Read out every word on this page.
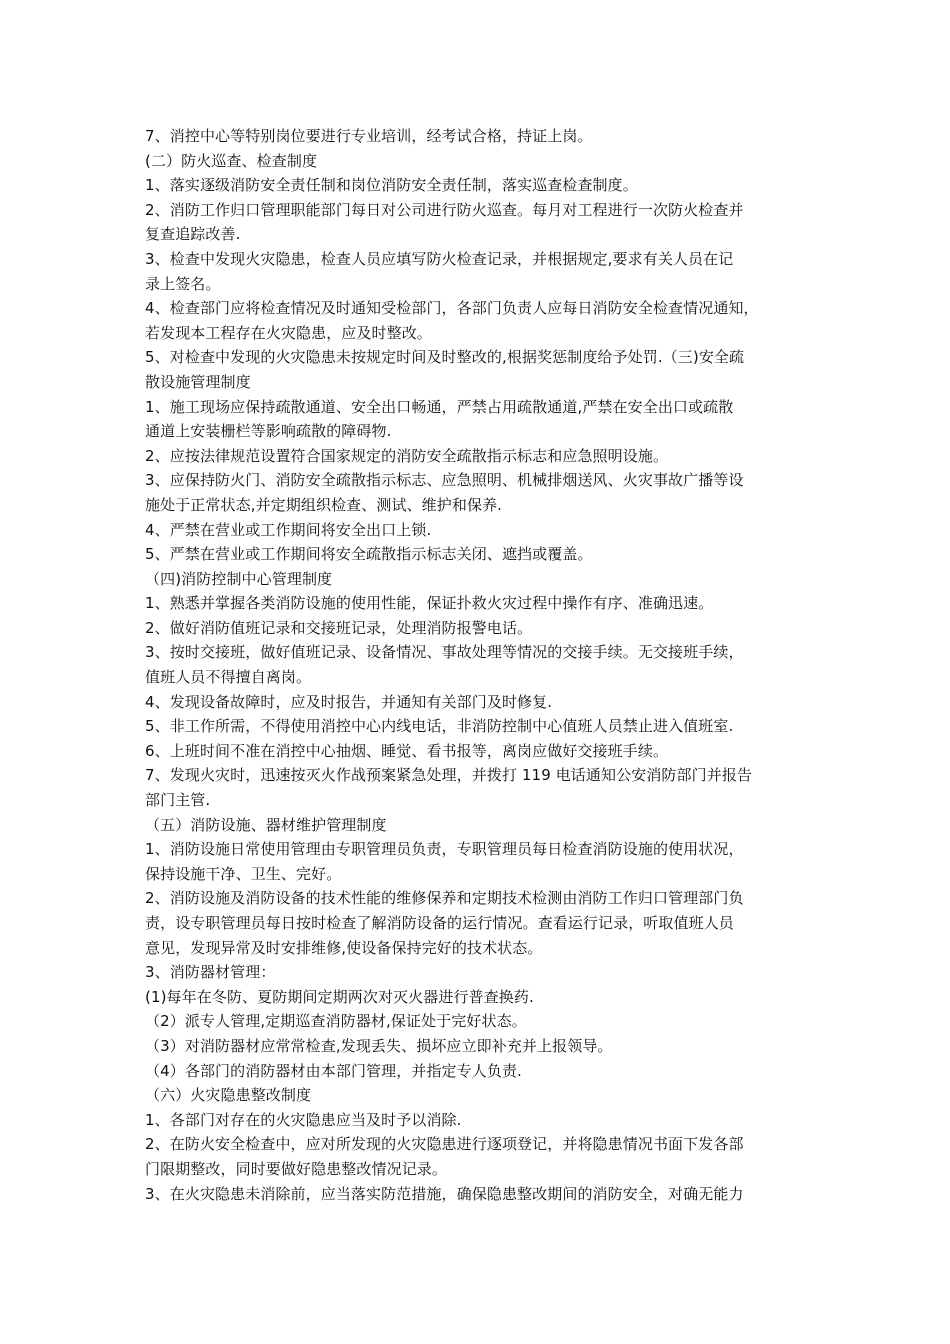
7、消控中心等特别岗位要进行专业培训，经考试合格，持证上岗。

(二）防火巡查、检查制度

1、落实逐级消防安全责任制和岗位消防安全责任制，落实巡查检查制度。

2、消防工作归口管理职能部门每日对公司进行防火巡查。每月对工程进行一次防火检查并

复查追踪改善.

3、检查中发现火灾隐患，检查人员应填写防火检查记录，并根据规定,要求有关人员在记

录上签名。

4、检查部门应将检查情况及时通知受检部门，各部门负责人应每日消防安全检查情况通知，

若发现本工程存在火灾隐患，应及时整改。

5、对检查中发现的火灾隐患未按规定时间及时整改的,根据奖惩制度给予处罚.（三)安全疏

散设施管理制度

1、施工现场应保持疏散通道、安全出口畅通，严禁占用疏散通道,严禁在安全出口或疏散

通道上安装栅栏等影响疏散的障碍物.

2、应按法律规范设置符合国家规定的消防安全疏散指示标志和应急照明设施。

3、应保持防火门、消防安全疏散指示标志、应急照明、机械排烟送风、火灾事故广播等设

施处于正常状态,并定期组织检查、测试、维护和保养.

4、严禁在营业或工作期间将安全出口上锁.

5、严禁在营业或工作期间将安全疏散指示标志关闭、遮挡或覆盖。

（四)消防控制中心管理制度

1、熟悉并掌握各类消防设施的使用性能，保证扑救火灾过程中操作有序、准确迅速。

2、做好消防值班记录和交接班记录，处理消防报警电话。

3、按时交接班，做好值班记录、设备情况、事故处理等情况的交接手续。无交接班手续，

值班人员不得擅自离岗。

4、发现设备故障时，应及时报告，并通知有关部门及时修复.

5、非工作所需，不得使用消控中心内线电话，非消防控制中心值班人员禁止进入值班室.

6、上班时间不准在消控中心抽烟、睡觉、看书报等，离岗应做好交接班手续。

7、发现火灾时，迅速按灭火作战预案紧急处理，并拨打 119 电话通知公安消防部门并报告

部门主管.

（五）消防设施、器材维护管理制度

1、消防设施日常使用管理由专职管理员负责，专职管理员每日检查消防设施的使用状况，

保持设施干净、卫生、完好。

2、消防设施及消防设备的技术性能的维修保养和定期技术检测由消防工作归口管理部门负

责，设专职管理员每日按时检查了解消防设备的运行情况。查看运行记录，听取值班人员

意见，发现异常及时安排维修,使设备保持完好的技术状态。

3、消防器材管理：

(1)每年在冬防、夏防期间定期两次对灭火器进行普查换药.

（2）派专人管理,定期巡查消防器材,保证处于完好状态。

（3）对消防器材应常常检查,发现丢失、损坏应立即补充并上报领导。

（4）各部门的消防器材由本部门管理，并指定专人负责.

（六）火灾隐患整改制度

1、各部门对存在的火灾隐患应当及时予以消除.

2、在防火安全检查中，应对所发现的火灾隐患进行逐项登记，并将隐患情况书面下发各部

门限期整改，同时要做好隐患整改情况记录。

3、在火灾隐患未消除前，应当落实防范措施，确保隐患整改期间的消防安全，对确无能力
